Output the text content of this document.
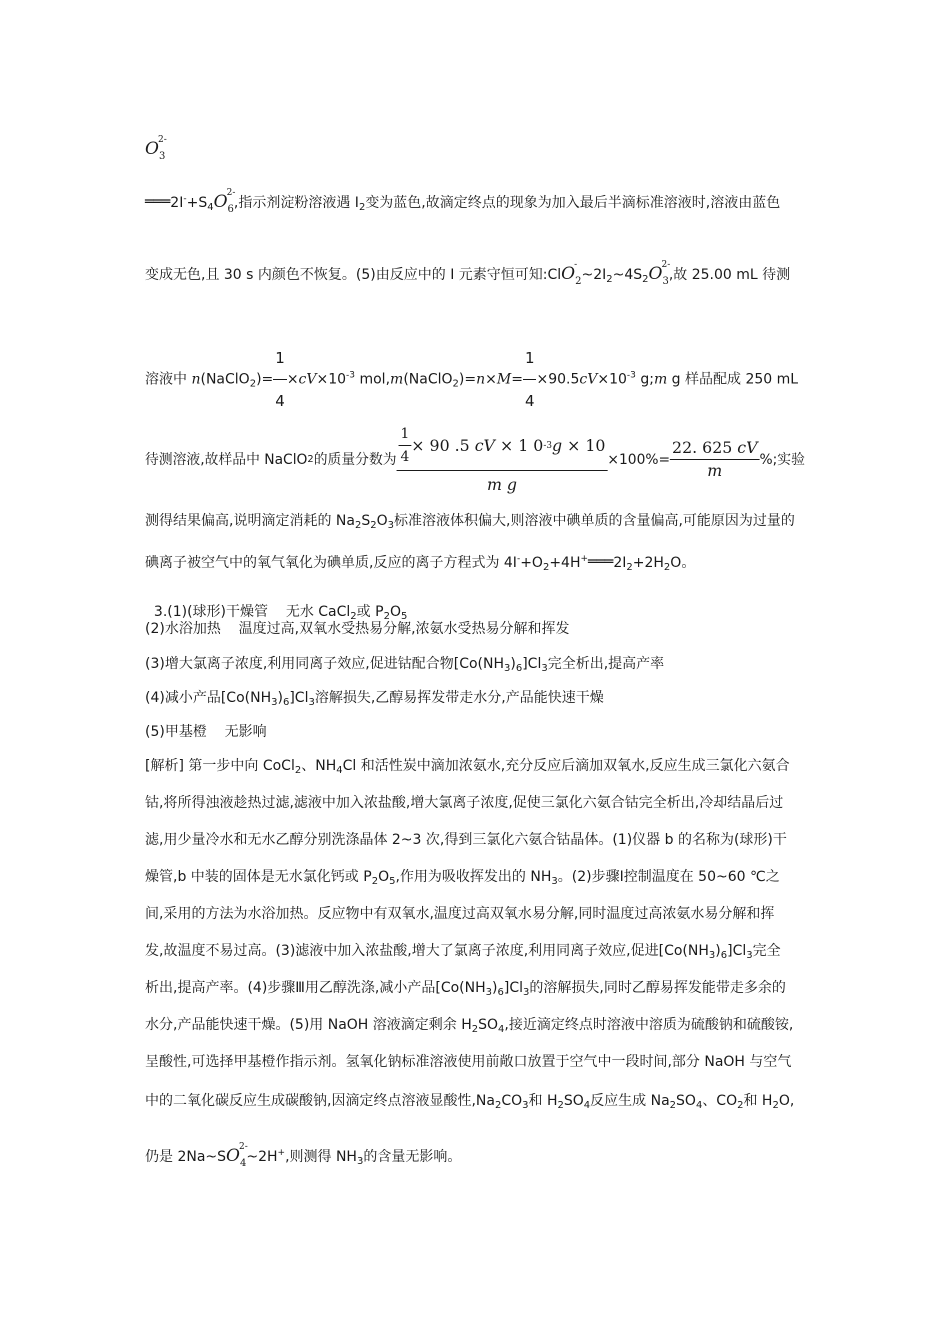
$O_3$
2-
$═══2I^-+S_4O_6$
2-
,指示剂淀粉溶液遇 $I_2$变为蓝色,故滴定终点的现象为加入最后半滴标准溶液时,溶液由蓝色
变成无色,且 30 s 内颜色不恢复。(5)由反应中的 I 元素守恒可知:ClO$_2$
-
$\sim 2I_2\sim 4S_2O_3$
2-
,故 25.00 mL 待测
溶液中 n(NaClO$_2$)= $\frac{1}{4} \times cV\times 10^{-3}$ mol,m(NaClO$_2$)=n×M= $\frac{1}{4} \times 90.5cV\times 10^{-3}$ g;m g 样品配成 250 mL
待测溶液,故样品中 NaClO 2 的质量分数为 $\frac{\frac{1}{4} \times 90 .5 cV \times 1 0 -3 g \times 10}{\text{m g}} \times 100\%= \frac{22. 625 cV}{m}$ %;实验
测得结果偏高,说明滴定消耗的 $Na_2S_2O_3$标准溶液体积偏大,则溶液中碘单质的含量偏高,可能原因为过量的
碘离子被空气中的氧气氧化为碘单质,反应的离子方程式为 $4I^-+O_2+4H^+═══2I_2+2H_2O$。

3.(1)(球形)干燥管    无水 CaCl$_2$或 $P_2O_5$

(2)水浴加热    温度过高,双氧水受热易分解,浓氨水受热易分解和挥发
(3)增大氯离子浓度,利用同离子效应,促进钴配合物$[Co(NH_3)_6]Cl_3$完全析出,提高产率
(4)减小产品$[Co(NH_3)_6]Cl_3$溶解损失,乙醇易挥发带走水分,产品能快速干燥
(5)甲基橙    无影响
[解析] 第一步中向 CoCl$_2$、$NH_4Cl$ 和活性炭中滴加浓氨水,充分反应后滴加双氧水,反应生成三氯化六氨合
钴,将所得浊液趁热过滤,滤液中加入浓盐酸,增大氯离子浓度,促使三氯化六氨合钴完全析出,冷却结晶后过
滤,用少量冷水和无水乙醇分别洗涤晶体 2~3 次,得到三氯化六氨合钴晶体。(1)仪器 b 的名称为(球形)干
燥管,b 中装的固体是无水氯化钙或 $P_2O_5$,作用为吸收挥发出的 $NH_3$。(2)步骤Ⅰ控制温度在 50~60 ℃之
间,采用的方法为水浴加热。反应物中有双氧水,温度过高双氧水易分解,同时温度过高浓氨水易分解和挥
发,故温度不易过高。(3)滤液中加入浓盐酸,增大了氯离子浓度,利用同离子效应,促进$[Co(NH_3)_6]Cl_3$完全
析出,提高产率。(4)步骤Ⅲ用乙醇洗涤,减小产品$[Co(NH_3)_6]Cl_3$的溶解损失,同时乙醇易挥发能带走多余的
水分,产品能快速干燥。(5)用 NaOH 溶液滴定剩余 $H_2SO_4$,接近滴定终点时溶液中溶质为硫酸钠和硫酸铵,
呈酸性,可选择甲基橙作指示剂。氢氧化钠标准溶液使用前敞口放置于空气中一段时间,部分 NaOH 与空气
中的二氧化碳反应生成碳酸钠,因滴定终点溶液显酸性$,Na_2CO_3$和 $H_2SO_4$反应生成 $Na_2SO_4$、$CO_2$和 $H_2O$,
仍是 $2Na\sim SO_4$
2-
~2H+,则测得 $NH_3$的含量无影响。
